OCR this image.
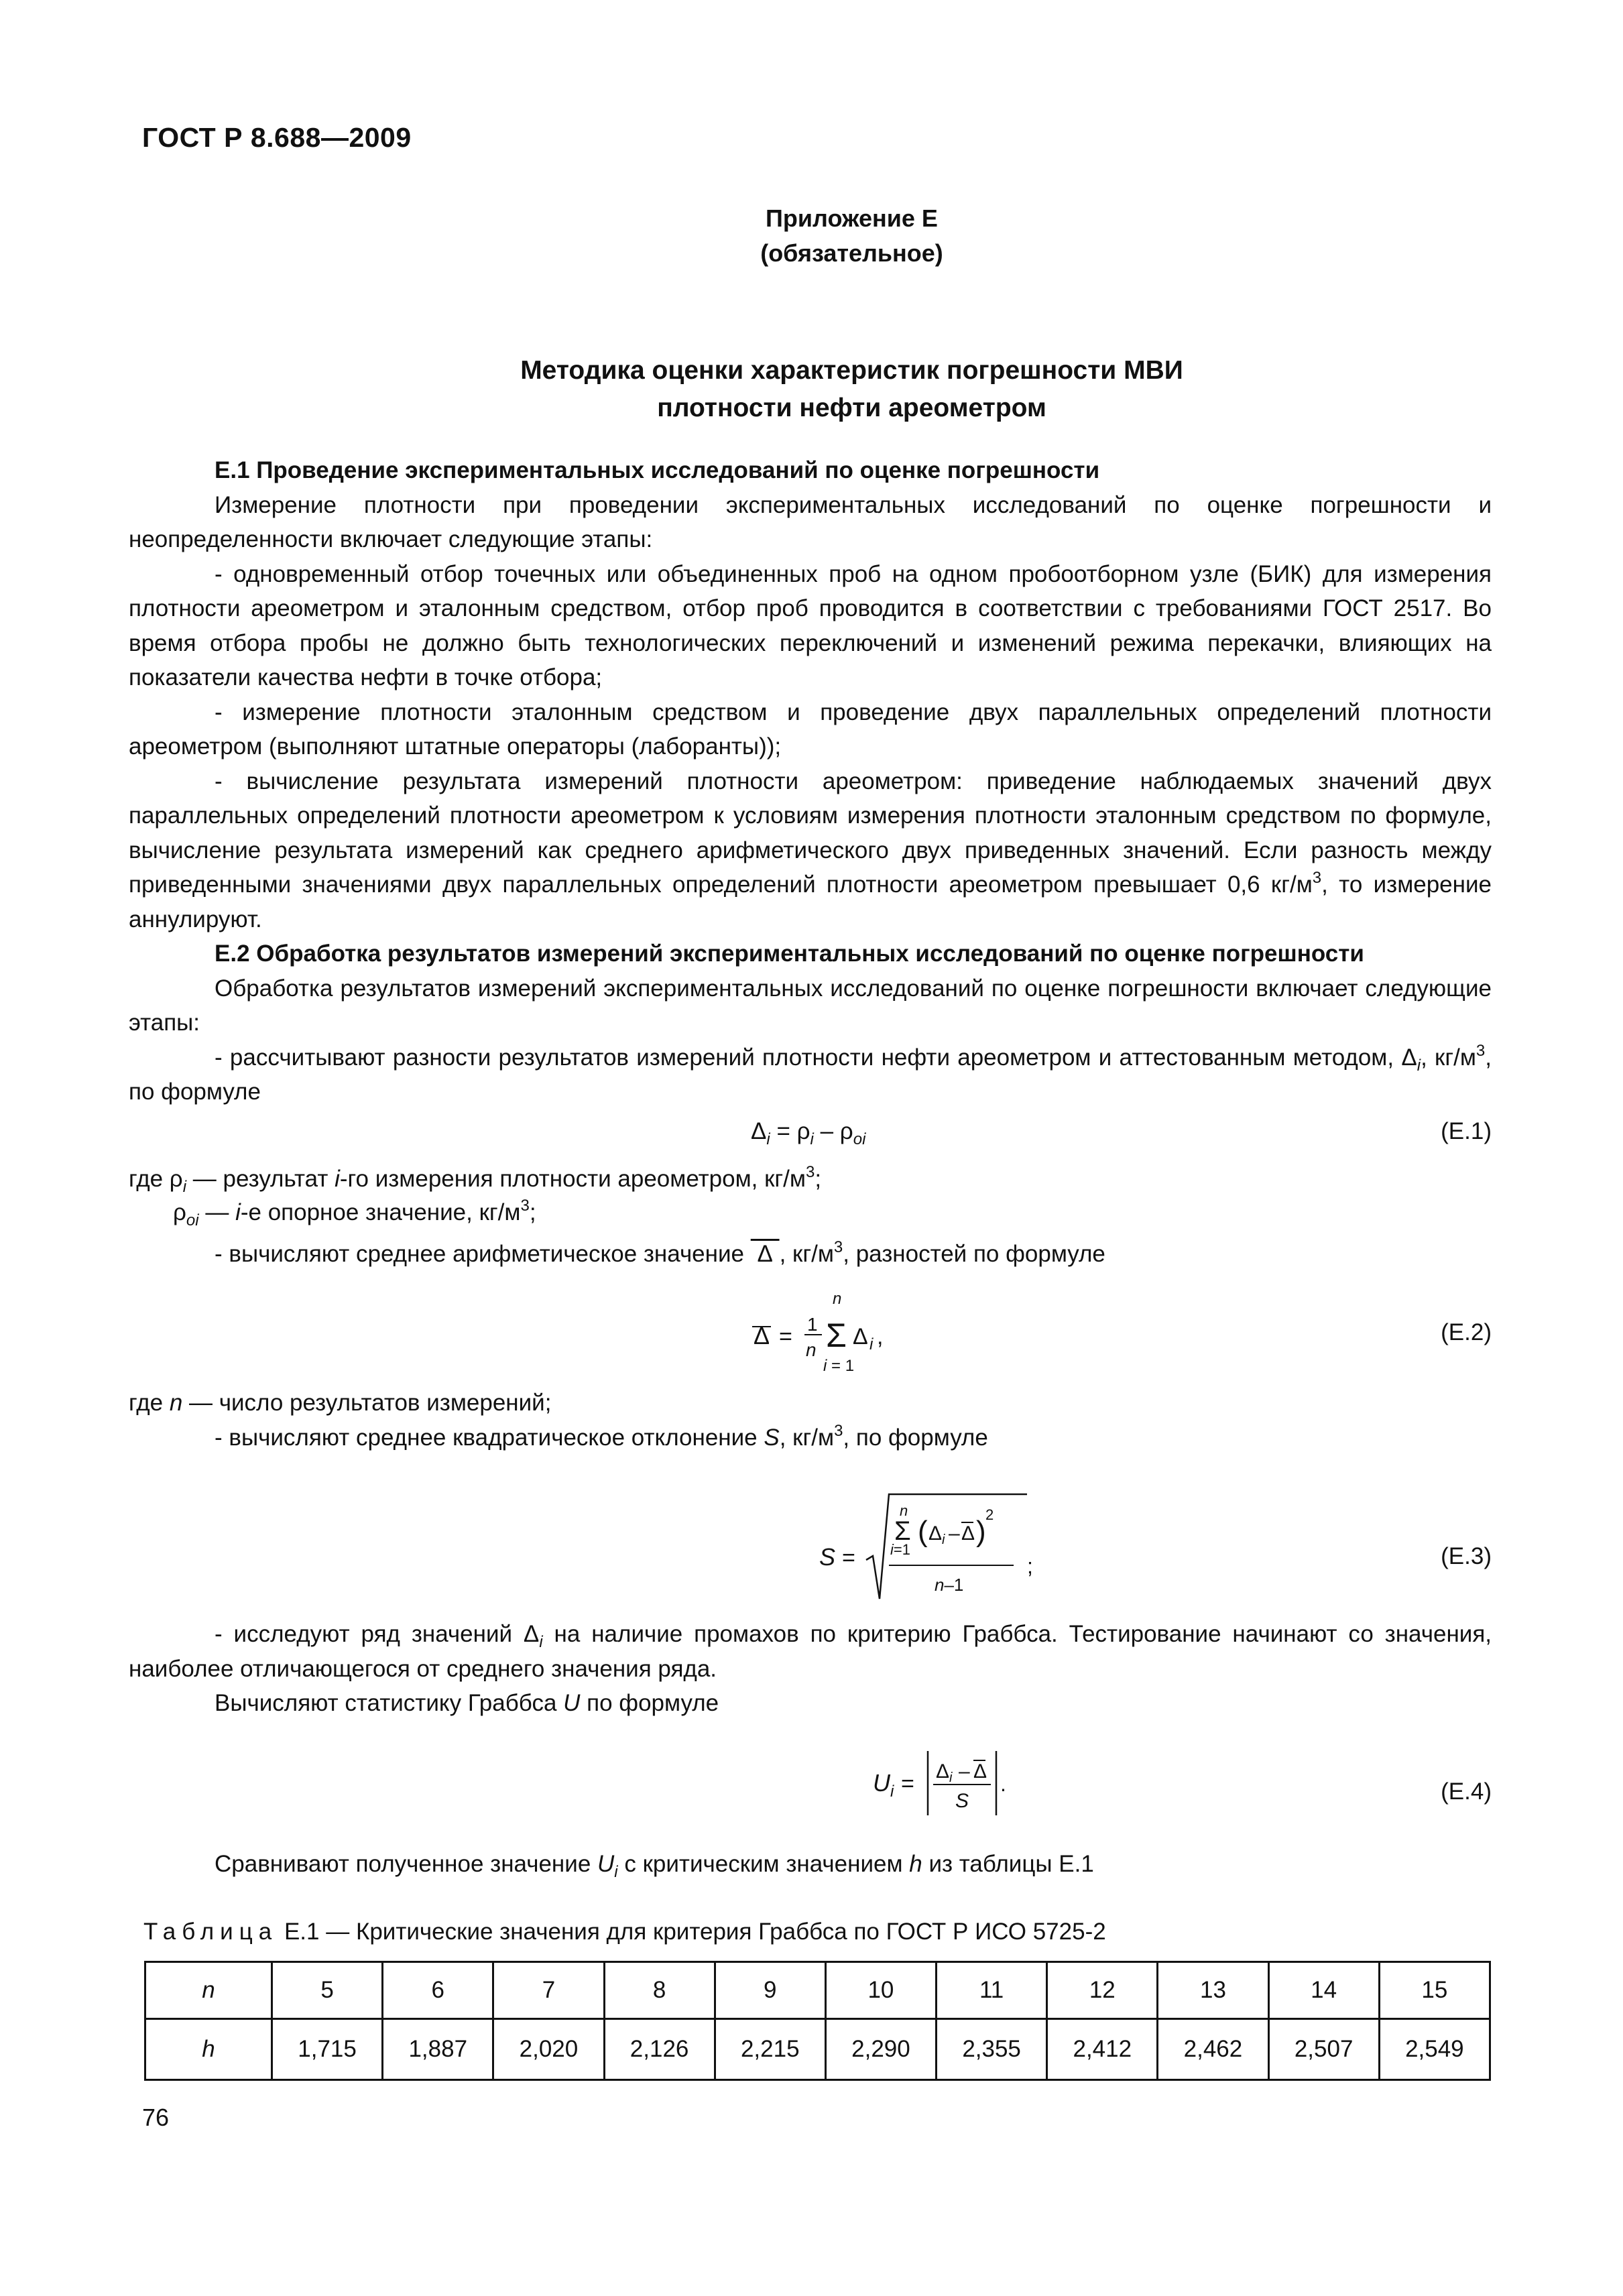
ГОСТ Р 8.688—2009
Приложение Е
(обязательное)
Методика оценки характеристик погрешности МВИ
плотности нефти ареометром

Е.1 Проведение экспериментальных исследований по оценке погрешности

Измерение плотности при проведении экспериментальных исследований по оценке погрешности и неопределенности включает следующие этапы:

- одновременный отбор точечных или объединенных проб на одном пробоотборном узле (БИК) для измерения плотности ареометром и эталонным средством, отбор проб проводится в соответствии с требованиями ГОСТ 2517. Во время отбора пробы не должно быть технологических переключений и изменений режима перекачки, влияющих на показатели качества нефти в точке отбора;

- измерение плотности эталонным средством и проведение двух параллельных определений плотности ареометром (выполняют штатные операторы (лаборанты));

- вычисление результата измерений плотности ареометром: приведение наблюдаемых значений двух параллельных определений плотности ареометром к условиям измерения плотности эталонным средством по формуле, вычисление результата измерений как среднего арифметического двух приведенных значений. Если разность между приведенными значениями двух параллельных определений плотности ареометром превышает 0,6 $кг/м^3$, то измерение аннулируют.

Е.2 Обработка результатов измерений экспериментальных исследований по оценке погрешности

Обработка результатов измерений экспериментальных исследований по оценке погрешности включает следующие этапы:

- рассчитывают разности результатов измерений плотности нефти ареометром и аттестованным методом, $\Delta_i$, $кг/м^3$, по формуле

$\Delta_i = \rho_i - \rho_{oi}$	(Е.1)
где $\rho_i$ — результат i-го измерения плотности ареометром, $кг/м^3$;
$\rho_{oi}$ — i-е опорное значение, $кг/м^3$;
- вычисляют среднее арифметическое значение  Δ , $кг/м^3$, разностей по формуле
Δ = 1
n
n
Σ
i = 1
Δ i ,	(Е.2)
где n — число результатов измерений;
- вычисляют среднее квадратическое отклонение S, $кг/м^3$, по формуле
S =
n
Σ
i=1
( Δ i – Δ )
2
n–1
;	(Е.3)

- исследуют ряд значений $\Delta_i$ на наличие промахов по критерию Граббса. Тестирование начинают со значения, наиболее отличающегося от среднего значения ряда.

Вычисляют статистику Граббса U по формуле

U i = Δ i – Δ
S
.	(Е.4)
Сравнивают полученное значение $U_i$ с критическим значением h из таблицы Е.1
Таблица Е.1 — Критические значения для критерия Граббса по ГОСТ Р ИСО 5725-2
n	5	6	7	8	9	10	11	12	13	14	15
h	1,715	1,887	2,020	2,126	2,215	2,290	2,355	2,412	2,462	2,507	2,549
76
